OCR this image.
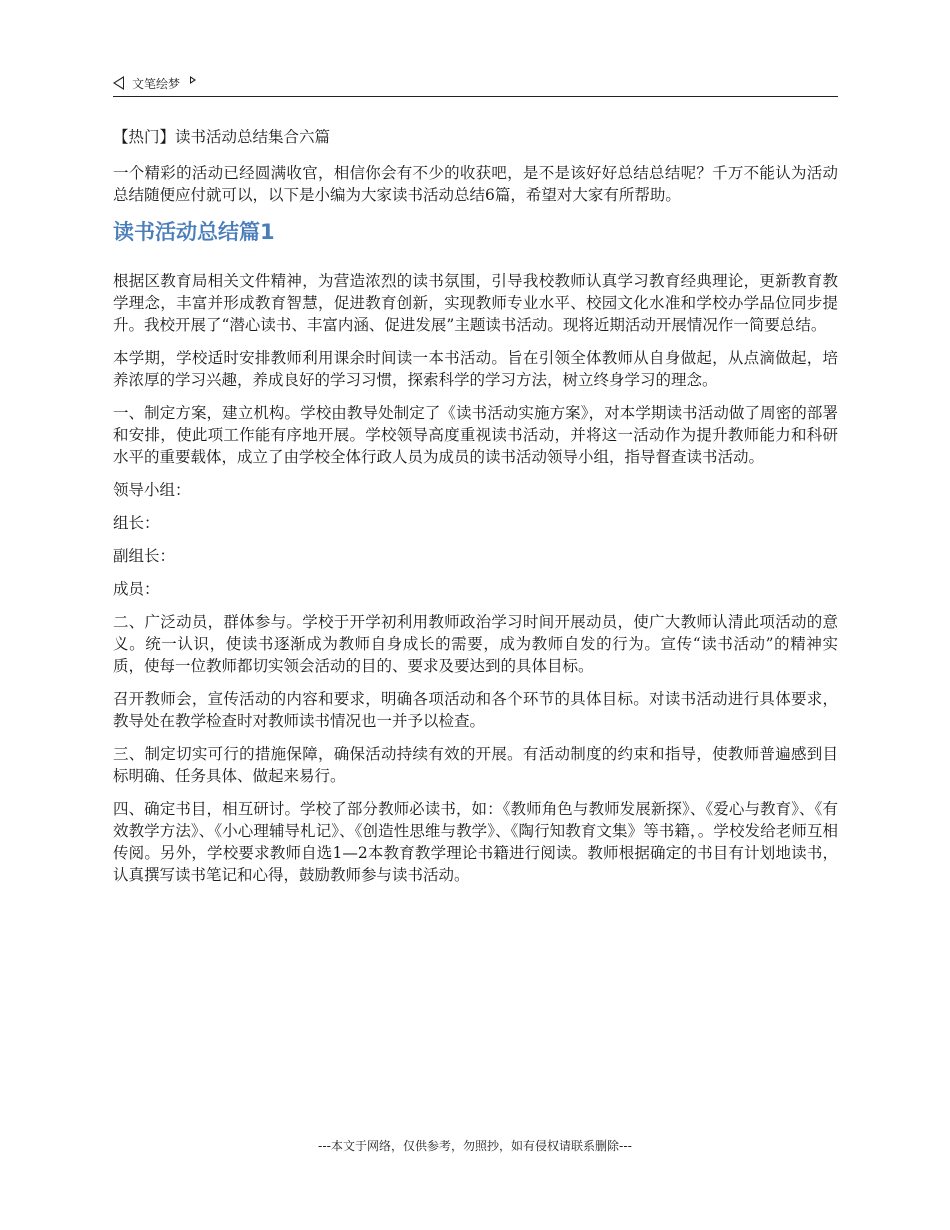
文笔绘梦

【热门】读书活动总结集合六篇

一个精彩的活动已经圆满收官，相信你会有不少的收获吧，是不是该好好总结总结呢？千万不能认为活动总结随便应付就可以，以下是小编为大家读书活动总结6篇，希望对大家有所帮助。

读书活动总结篇1

根据区教育局相关文件精神，为营造浓烈的读书氛围，引导我校教师认真学习教育经典理论，更新教育教学理念，丰富并形成教育智慧，促进教育创新，实现教师专业水平、校园文化水准和学校办学品位同步提升。我校开展了“潜心读书、丰富内涵、促进发展”主题读书活动。现将近期活动开展情况作一简要总结。

本学期，学校适时安排教师利用课余时间读一本书活动。旨在引领全体教师从自身做起，从点滴做起，培养浓厚的学习兴趣，养成良好的学习习惯，探索科学的学习方法，树立终身学习的理念。

一、制定方案，建立机构。学校由教导处制定了《读书活动实施方案》，对本学期读书活动做了周密的部署和安排，使此项工作能有序地开展。学校领导高度重视读书活动，并将这一活动作为提升教师能力和科研水平的重要载体，成立了由学校全体行政人员为成员的读书活动领导小组，指导督查读书活动。

领导小组：

组长：

副组长：

成员：

二、广泛动员，群体参与。学校于开学初利用教师政治学习时间开展动员，使广大教师认清此项活动的意义。统一认识，使读书逐渐成为教师自身成长的需要，成为教师自发的行为。宣传“读书活动”的精神实质，使每一位教师都切实领会活动的目的、要求及要达到的具体目标。

召开教师会，宣传活动的内容和要求，明确各项活动和各个环节的具体目标。对读书活动进行具体要求，教导处在教学检查时对教师读书情况也一并予以检查。

三、制定切实可行的措施保障，确保活动持续有效的开展。有活动制度的约束和指导，使教师普遍感到目标明确、任务具体、做起来易行。

四、确定书目，相互研讨。学校了部分教师必读书，如：《教师角色与教师发展新探》、《爱心与教育》、《有效教学方法》、《小心理辅导札记》、《创造性思维与教学》、《陶行知教育文集》等书籍，。学校发给老师互相传阅。另外，学校要求教师自选1—2本教育教学理论书籍进行阅读。教师根据确定的书目有计划地读书，认真撰写读书笔记和心得，鼓励教师参与读书活动。

---本文于网络，仅供参考，勿照抄，如有侵权请联系删除---
